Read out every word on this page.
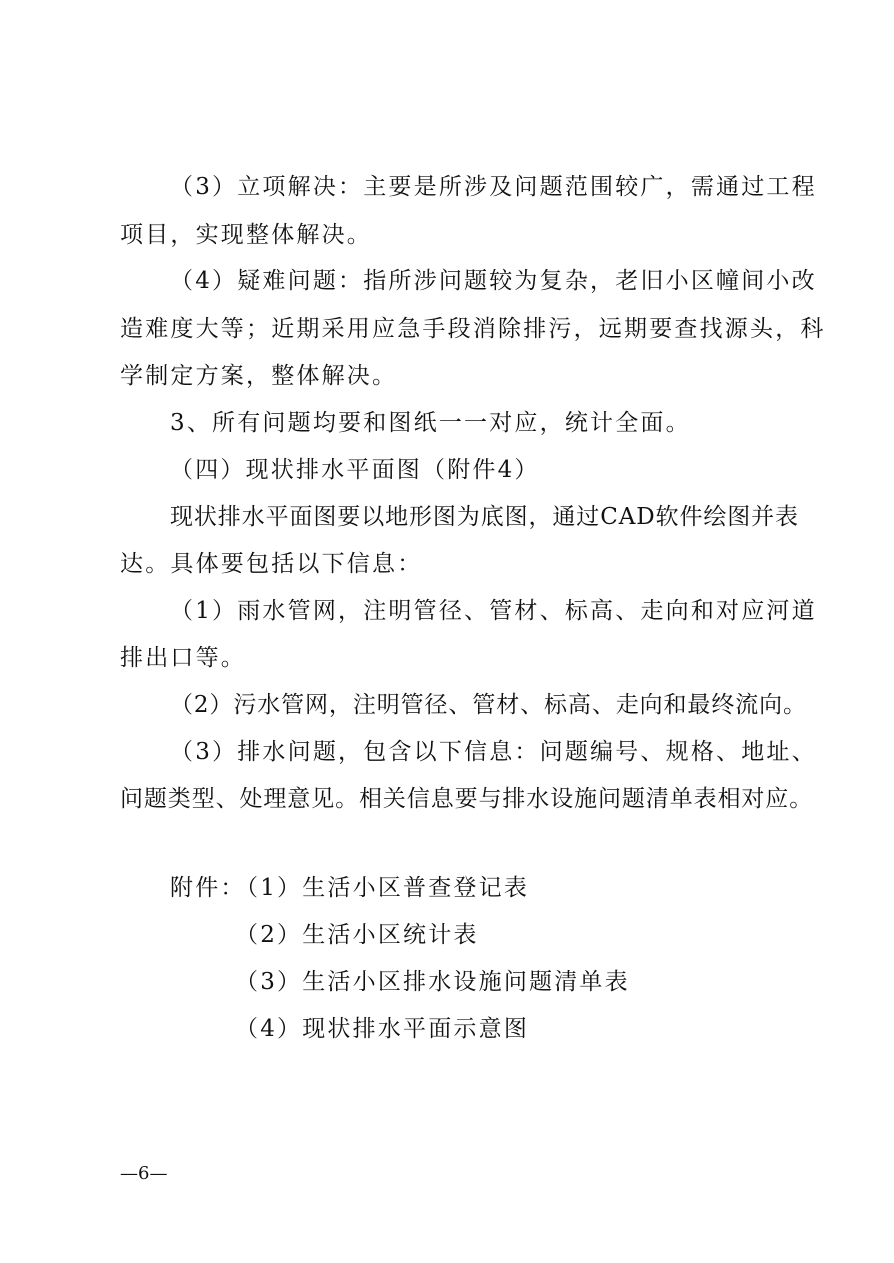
（3）立项解决：主要是所涉及问题范围较广，需通过工程
项目，实现整体解决。
（4）疑难问题：指所涉问题较为复杂，老旧小区幢间小改
造难度大等；近期采用应急手段消除排污，远期要查找源头，科
学制定方案，整体解决。
3、所有问题均要和图纸一一对应，统计全面。
（四）现状排水平面图（附件4）
现状排水平面图要以地形图为底图，通过CAD软件绘图并表
达。具体要包括以下信息：
（1）雨水管网，注明管径、管材、标高、走向和对应河道
排出口等。
（2）污水管网，注明管径、管材、标高、走向和最终流向。
（3）排水问题，包含以下信息：问题编号、规格、地址、
问题类型、处理意见。相关信息要与排水设施问题清单表相对应。
附件：
（1）生活小区普查登记表
（2）生活小区统计表
（3）生活小区排水设施问题清单表
（4）现状排水平面示意图
—6—
